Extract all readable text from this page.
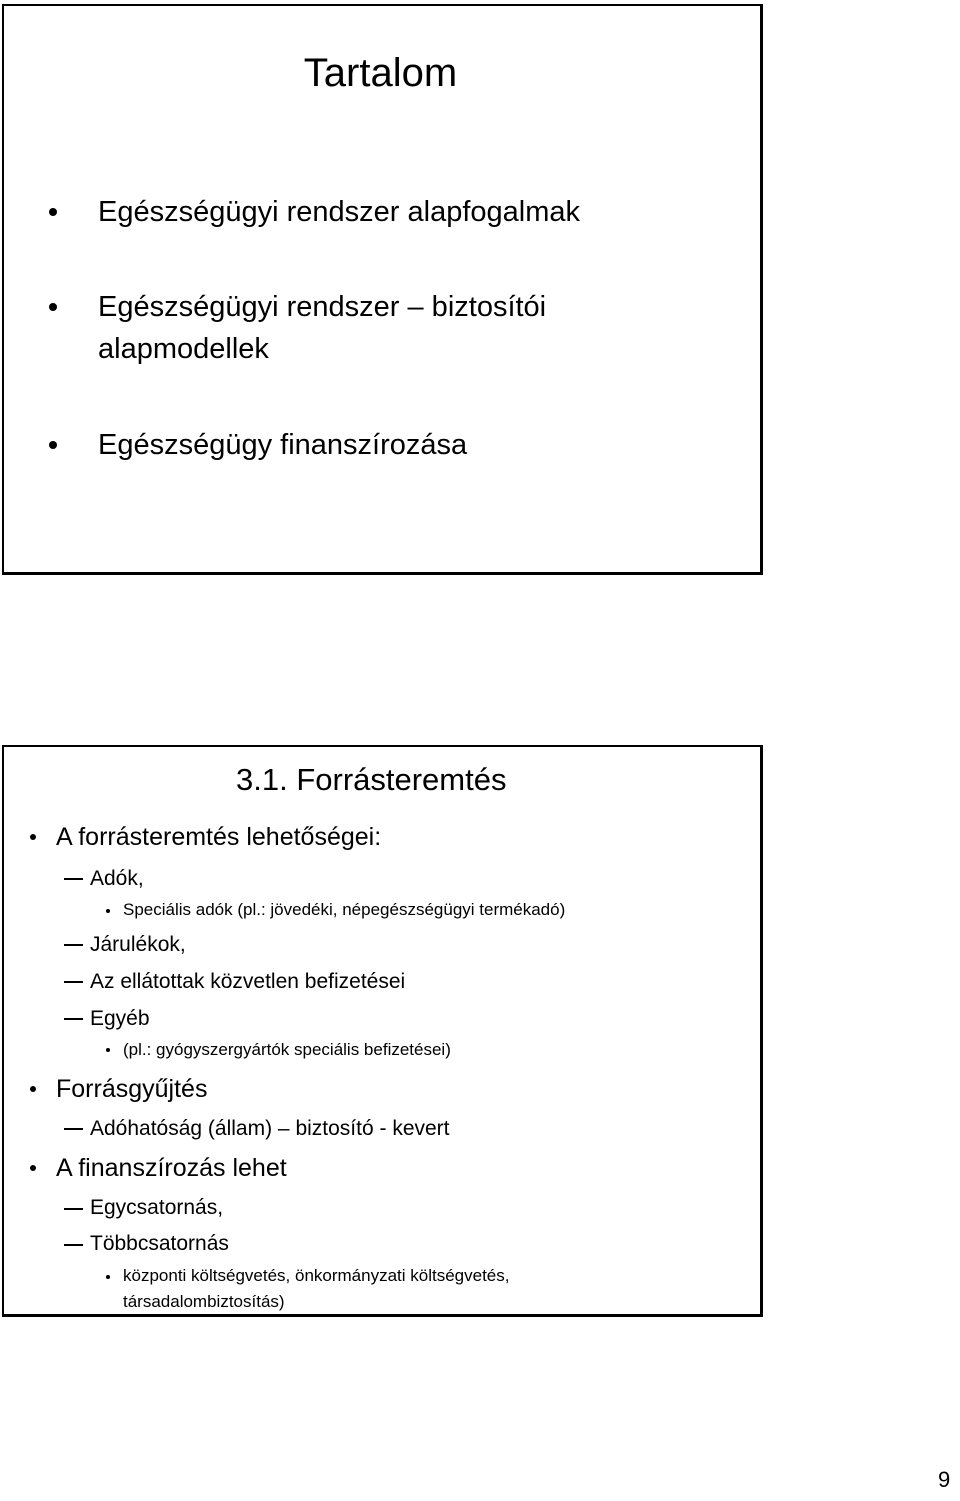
Tartalom
Egészségügyi rendszer alapfogalmak
Egészségügyi rendszer – biztosítói
alapmodellek
Egészségügy finanszírozása
3.1. Forrásteremtés
A forrásteremtés lehetőségei:
Adók,
Speciális adók (pl.: jövedéki, népegészségügyi termékadó)
Járulékok,
Az ellátottak közvetlen befizetései
Egyéb
(pl.: gyógyszergyártók speciális befizetései)
Forrásgyűjtés
Adóhatóság (állam) – biztosító - kevert
A finanszírozás lehet
Egycsatornás,
Többcsatornás
központi költségvetés, önkormányzati költségvetés,
társadalombiztosítás)
9
